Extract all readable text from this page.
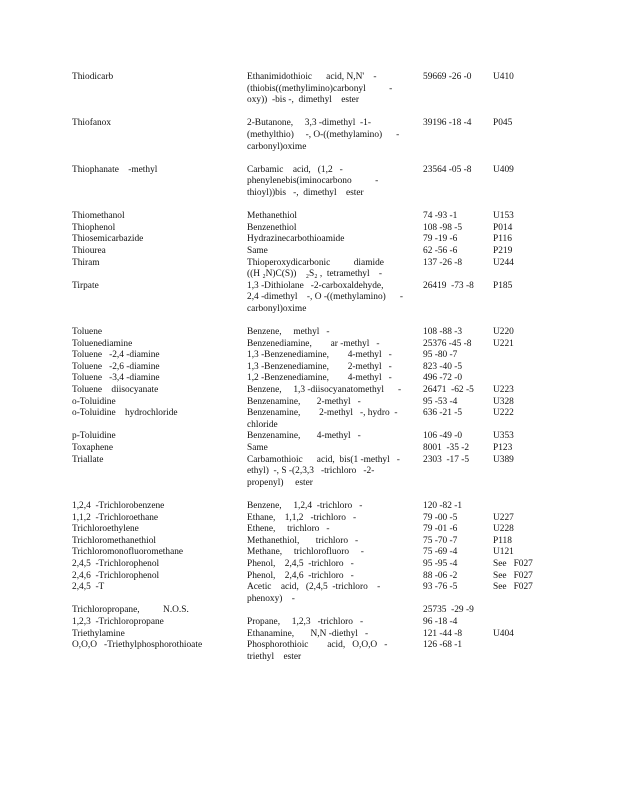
Thiodicarb	Ethanimidothioic      acid, N,N'    -
(thiobis((methylimino)carbonyl          -
oxy))  -bis -,  dimethyl    ester	59669 -26 -0	U410
Thiofanox	2-Butanone,     3,3 -dimethyl  -1-
(methylthio)     -, O-((methylamino)      -
carbonyl)oxime	39196 -18 -4	P045
Thiophanate    -methyl	Carbamic    acid,   (1,2   -
phenylenebis(iminocarbono          -
thioyl))bis   -,  dimethyl    ester	23564 -05 -8	U409
Thiomethanol	Methanethiol	74 -93 -1	U153
Thiophenol	Benzenethiol	108 -98 -5	P014
Thiosemicarbazide	Hydrazinecarbothioamide	79 -19 -6	P116
Thiourea	Same	62 -56 -6	P219
Thiram	Thioperoxydicarbonic          diamide
((H ₂N)C(S))    ₂S₂ ,  tetramethyl    -	137 -26 -8	U244
Tirpate	1,3 -Dithiolane   -2-carboxaldehyde,
2,4 -dimethyl    -, O -((methylamino)      -
carbonyl)oxime	26419  -73 -8	P185
Toluene	Benzene,     methyl   -	108 -88 -3	U220
Toluenediamine	Benzenediamine,        ar -methyl   -	25376 -45 -8	U221
Toluene   -2,4 -diamine	1,3 -Benzenediamine,        4-methyl   -	95 -80 -7	
Toluene   -2,6 -diamine	1,3 -Benzenediamine,        2-methyl   -	823 -40 -5	
Toluene   -3,4 -diamine	1,2 -Benzenediamine,        4-methyl   -	496 -72 -0	
Toluene    diisocyanate	Benzene,     1,3 -diisocyanatomethyl      -	26471  -62 -5	U223
o-Toluidine	Benzenamine,       2-methyl   -	95 -53 -4	U328
o-Toluidine    hydrochloride	Benzenamine,        2-methyl   -, hydro  -
chloride	636 -21 -5	U222
p-Toluidine	Benzenamine,       4-methyl   -	106 -49 -0	U353
Toxaphene	Same	8001  -35 -2	P123
Triallate	Carbamothioic      acid,  bis(1 -methyl   -
ethyl)  -, S -(2,3,3   -trichloro   -2-
propenyl)     ester	2303  -17 -5	U389
1,2,4  -Trichlorobenzene	Benzene,     1,2,4  -trichloro   -	120 -82 -1	
1,1,2  -Trichloroethane	Ethane,    1,1,2   -trichloro   -	79 -00 -5	U227
Trichloroethylene	Ethene,     trichloro   -	79 -01 -6	U228
Trichloromethanethiol	Methanethiol,       trichloro   -	75 -70 -7	P118
Trichloromonofluoromethane	Methane,     trichlorofluoro     -	75 -69 -4	U121
2,4,5  -Trichlorophenol	Phenol,    2,4,5  -trichloro   -	95 -95 -4	See   F027
2,4,6  -Trichlorophenol	Phenol,    2,4,6  -trichloro   -	88 -06 -2	See   F027
2,4,5  -T	Acetic    acid,   (2,4,5  -trichloro    -
phenoxy)    -	93 -76 -5	See   F027
Trichloropropane,          N.O.S.		25735  -29 -9	
1,2,3  -Trichloropropane	Propane,     1,2,3   -trichloro   -	96 -18 -4	
Triethylamine	Ethanamine,       N,N -diethyl   -	121 -44 -8	U404
O,O,O   -Triethylphosphorothioate	Phosphorothioic        acid,   O,O,O   -
triethyl    ester	126 -68 -1	
